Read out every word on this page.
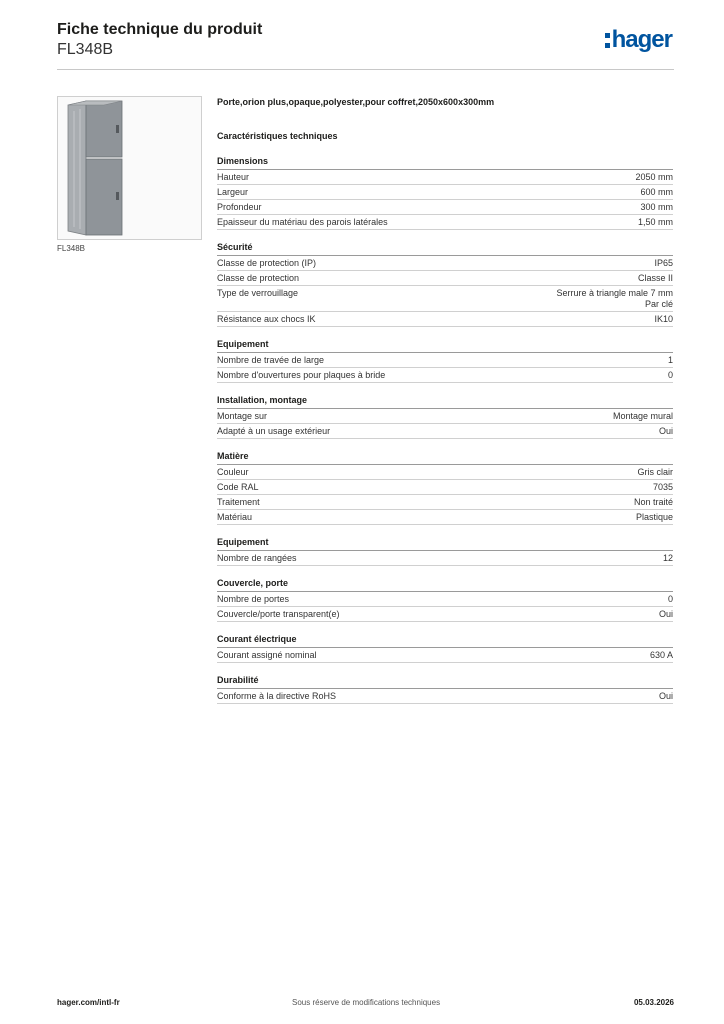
Fiche technique du produit
FL348B	hager
FL348B
Porte,orion plus,opaque,polyester,pour coffret,2050x600x300mm
Caractéristiques techniques
Dimensions
Hauteur	2050 mm
Largeur	600 mm
Profondeur	300 mm
Epaisseur du matériau des parois latérales	1,50 mm
Sécurité
Classe de protection (IP)	IP65
Classe de protection	Classe II
Type de verrouillage	Serrure à triangle male 7 mm
Par clé
Résistance aux chocs IK	IK10
Equipement
Nombre de travée de large	1
Nombre d'ouvertures pour plaques à bride	0
Installation, montage
Montage sur	Montage mural
Adapté à un usage extérieur	Oui
Matière
Couleur	Gris clair
Code RAL	7035
Traitement	Non traité
Matériau	Plastique
Equipement
Nombre de rangées	12
Couvercle, porte
Nombre de portes	0
Couvercle/porte transparent(e)	Oui
Courant électrique
Courant assigné nominal	630 A
Durabilité
Conforme à la directive RoHS	Oui
hager.com/intl-fr	Sous réserve de modifications techniques	05.03.2026
